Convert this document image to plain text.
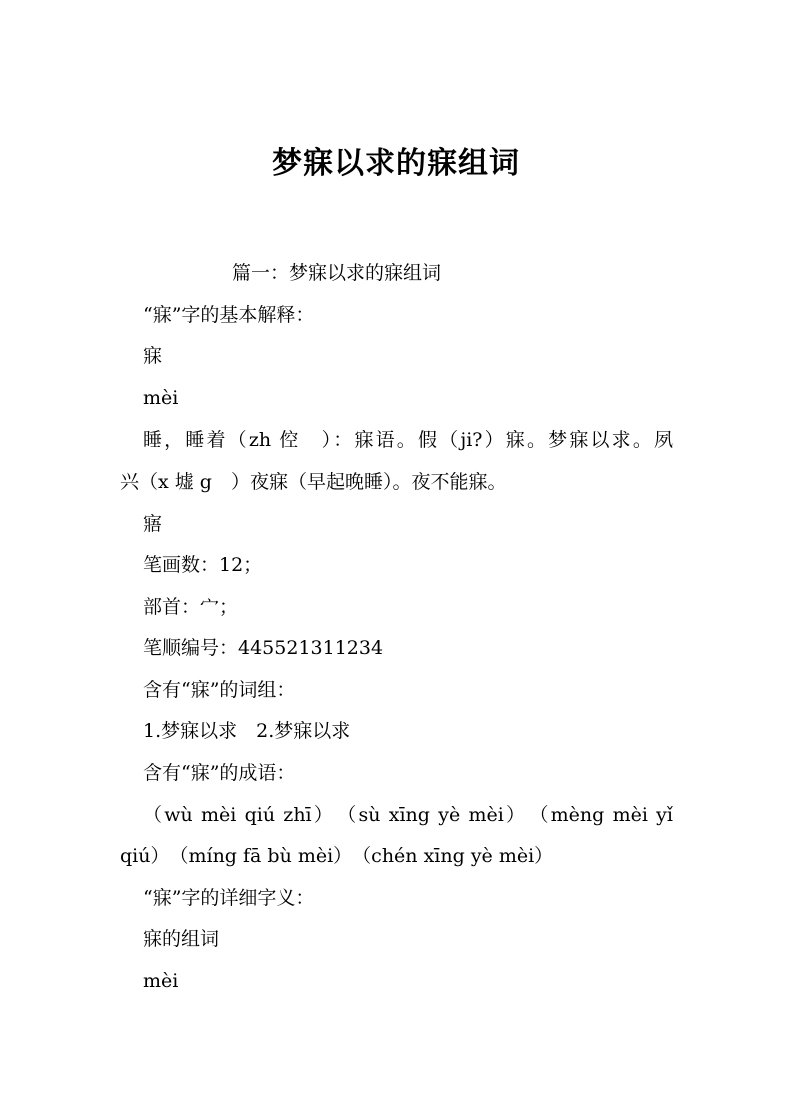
梦寐以求的寐组词
篇一：梦寐以求的寐组词
“寐”字的基本解释：
寐
mèi
睡，睡着（zh 倥　）：寐语。假（ji?）寐。梦寐以求。夙
兴（x 墟 g　）夜寐（早起晚睡）。夜不能寐。
寤
笔画数：12；
部首：宀；
笔顺编号：445521311234
含有“寐”的词组：
1.梦寐以求　2.梦寐以求
含有“寐”的成语：
（wù mèi qiú zhī）　（sù xīng yè mèi）　（mèng mèi yǐ
qiú）　（míng fā bù mèi）　（chén xīng yè mèi）
“寐”字的详细字义：
寐的组词
mèi
